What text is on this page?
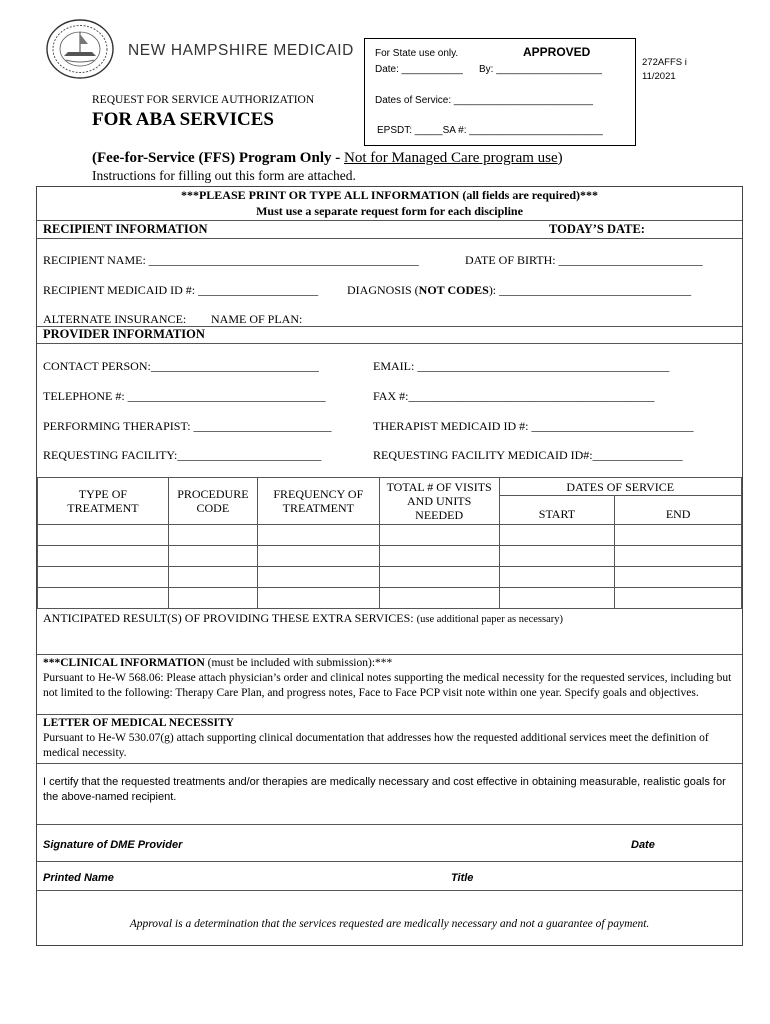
NEW HAMPSHIRE MEDICAID For State use only.	APPROVED
Date: ___________ By: ___________________
Dates of Service: _________________________
EPSDT: _____SA #: ________________________
272AFFS i
11/2021
REQUEST FOR SERVICE AUTHORIZATION
FOR ABA SERVICES
(Fee-for-Service (FFS) Program Only - Not for Managed Care program use)
Instructions for filling out this form are attached.
***PLEASE PRINT OR TYPE ALL INFORMATION (all fields are required)***
Must use a separate request form for each discipline
RECIPIENT INFORMATION	TODAY’S DATE:
RECIPIENT NAME: _____________________________________________	DATE OF BIRTH: ________________________
RECIPIENT MEDICAID ID #: ____________________ DIAGNOSIS (NOT CODES): ________________________________
ALTERNATE INSURANCE: NAME OF PLAN:
PROVIDER INFORMATION
CONTACT PERSON:____________________________	EMAIL: __________________________________________
TELEPHONE #: _________________________________	FAX #:_________________________________________
PERFORMING THERAPIST: _______________________	THERAPIST MEDICAID ID #: ___________________________
REQUESTING FACILITY:________________________	REQUESTING FACILITY MEDICAID ID#:_______________
TYPE OF TREATMENT	PROCEDURE CODE	FREQUENCY OF TREATMENT	TOTAL # OF VISITS AND UNITS NEEDED	DATES OF SERVICE	
				START	END

ANTICIPATED RESULT(S) OF PROVIDING THESE EXTRA SERVICES: (use additional paper as necessary)
***CLINICAL INFORMATION (must be included with submission):***
Pursuant to He-W 568.06: Please attach physician’s order and clinical notes supporting the medical necessity for the requested services, including but not limited to the following: Therapy Care Plan, and progress notes, Face to Face PCP visit note within one year. Specify goals and objectives.
LETTER OF MEDICAL NECESSITY
Pursuant to He-W 530.07(g) attach supporting clinical documentation that addresses how the requested additional services meet the definition of medical necessity.
I certify that the requested treatments and/or therapies are medically necessary and cost effective in obtaining measurable, realistic goals for the above-named recipient.
Signature of DME Provider	Date
Printed Name	Title
Approval is a determination that the services requested are medically necessary and not a guarantee of payment.
